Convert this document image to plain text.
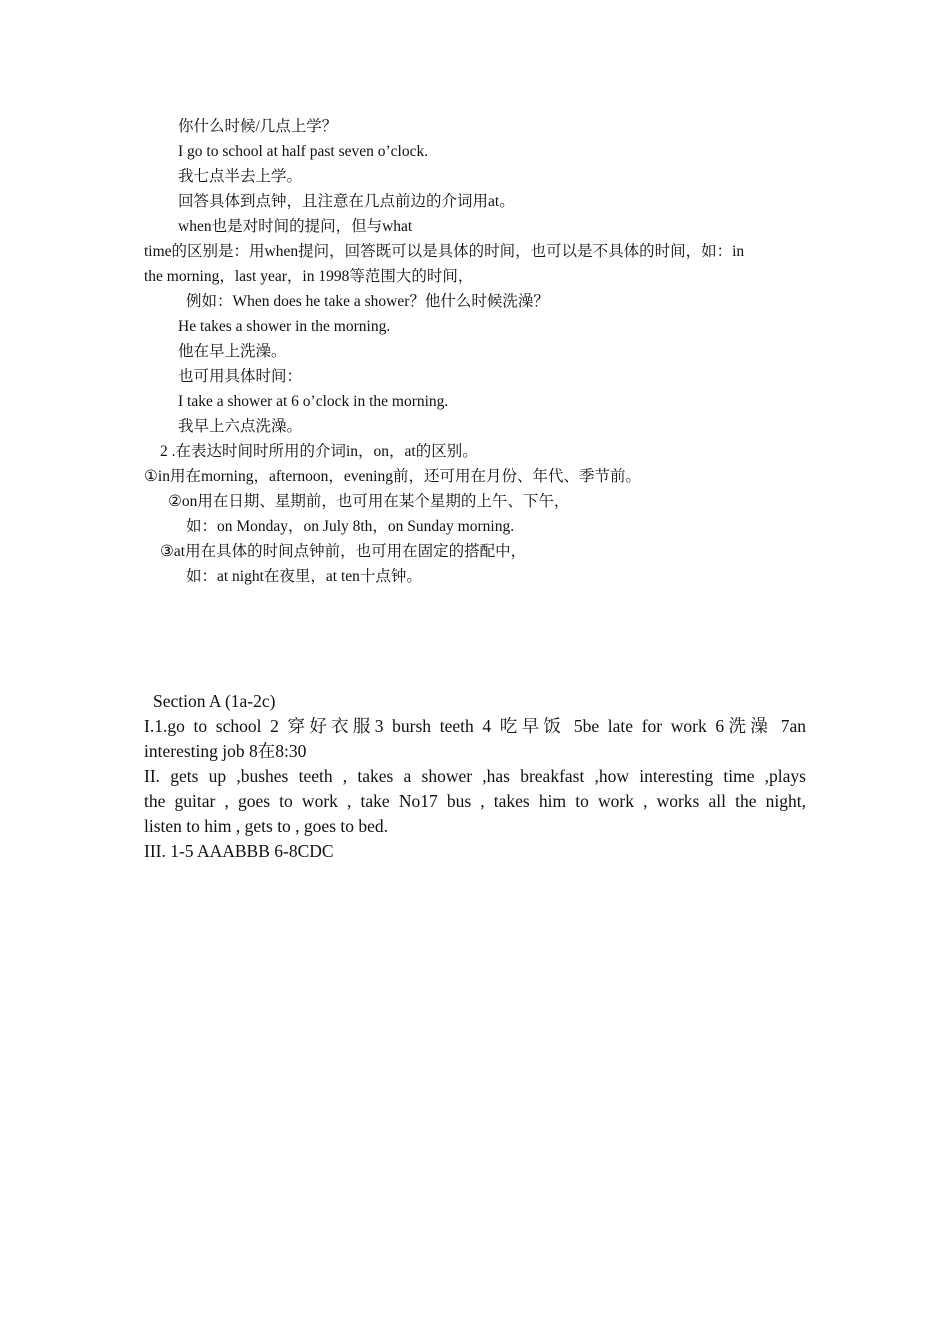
你什么时候/几点上学？
I go to school at half past seven o’clock.
我七点半去上学。
回答具体到点钟，且注意在几点前边的介词用at。
when也是对时间的提问，但与what
time的区别是：用when提问，回答既可以是具体的时间，也可以是不具体的时间，如：in
the morning，last year，in 1998等范围大的时间，
例如：When does he take a shower？他什么时候洗澡？
He takes a shower in the morning.
他在早上洗澡。
也可用具体时间：
I take a shower at 6 o’clock in the morning.
我早上六点洗澡。
2 .在表达时间时所用的介词in，on，at的区别。
①in用在morning，afternoon，evening前，还可用在月份、年代、季节前。
②on用在日期、星期前，也可用在某个星期的上午、下午，
如：on Monday，on July 8th，on Sunday morning.
③at用在具体的时间点钟前，也可用在固定的搭配中，
如：at night在夜里，at ten十点钟。
Section A (1a-2c)
I.1.go to school 2 穿好衣服3 bursh teeth 4 吃早饭 5be late for work 6洗澡 7an
interesting job 8在8:30
II. gets up ,bushes teeth , takes a shower ,has breakfast ,how interesting time ,plays
the guitar , goes to work , take No17 bus , takes him to work , works all the night,
listen to him , gets to , goes to bed.
III. 1-5 AAABBB 6-8CDC
